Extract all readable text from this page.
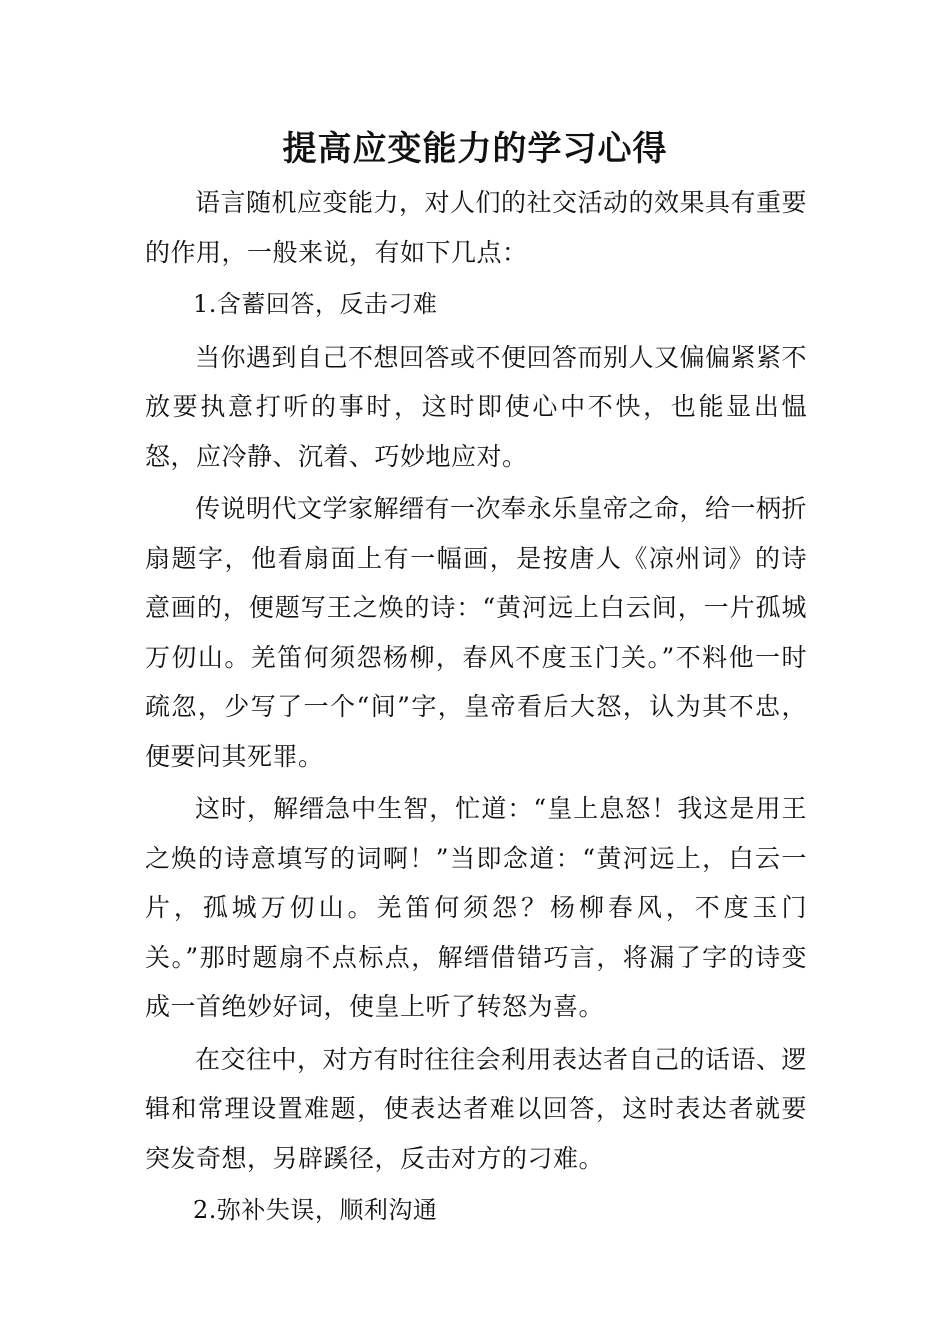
提高应变能力的学习心得

语言随机应变能力，对人们的社交活动的效果具有重要的作用，一般来说，有如下几点：

1.含蓄回答，反击刁难

当你遇到自己不想回答或不便回答而别人又偏偏紧紧不放要执意打听的事时，这时即使心中不快，也能显出愠怒，应冷静、沉着、巧妙地应对。

传说明代文学家解缙有一次奉永乐皇帝之命，给一柄折扇题字，他看扇面上有一幅画，是按唐人《凉州词》的诗意画的，便题写王之焕的诗：“黄河远上白云间，一片孤城万仞山。羌笛何须怨杨柳，春风不度玉门关。”不料他一时疏忽，少写了一个“间”字，皇帝看后大怒，认为其不忠，便要问其死罪。

这时，解缙急中生智，忙道：“皇上息怒！我这是用王之焕的诗意填写的词啊！”当即念道：“黄河远上，白云一片，孤城万仞山。羌笛何须怨？杨柳春风，不度玉门关。”那时题扇不点标点，解缙借错巧言，将漏了字的诗变成一首绝妙好词，使皇上听了转怒为喜。

在交往中，对方有时往往会利用表达者自己的话语、逻辑和常理设置难题，使表达者难以回答，这时表达者就要突发奇想，另辟蹊径，反击对方的刁难。

2.弥补失误，顺利沟通
